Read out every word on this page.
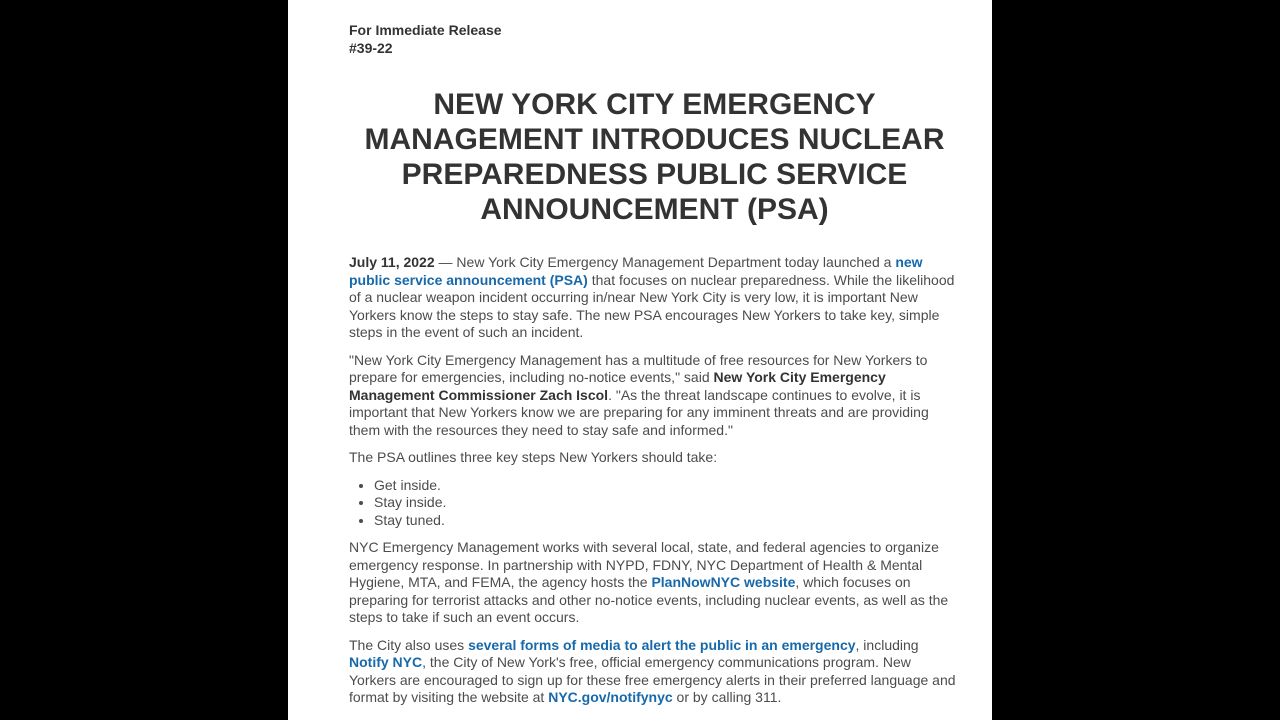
For Immediate Release
#39-22
NEW YORK CITY EMERGENCY
MANAGEMENT INTRODUCES NUCLEAR
PREPAREDNESS PUBLIC SERVICE
ANNOUNCEMENT (PSA)

July 11, 2022 — New York City Emergency Management Department today launched a new public service announcement (PSA) that focuses on nuclear preparedness. While the likelihood of a nuclear weapon incident occurring in/near New York City is very low, it is important New Yorkers know the steps to stay safe. The new PSA encourages New Yorkers to take key, simple steps in the event of such an incident.

"New York City Emergency Management has a multitude of free resources for New Yorkers to prepare for emergencies, including no-notice events," said New York City Emergency Management Commissioner Zach Iscol. "As the threat landscape continues to evolve, it is important that New Yorkers know we are preparing for any imminent threats and are providing them with the resources they need to stay safe and informed."

The PSA outlines three key steps New Yorkers should take:

• Get inside.
• Stay inside.
• Stay tuned.

NYC Emergency Management works with several local, state, and federal agencies to organize emergency response. In partnership with NYPD, FDNY, NYC Department of Health & Mental Hygiene, MTA, and FEMA, the agency hosts the PlanNowNYC website, which focuses on preparing for terrorist attacks and other no-notice events, including nuclear events, as well as the steps to take if such an event occurs.

The City also uses several forms of media to alert the public in an emergency, including Notify NYC, the City of New York's free, official emergency communications program. New Yorkers are encouraged to sign up for these free emergency alerts in their preferred language and format by visiting the website at NYC.gov/notifynyc or by calling 311.
